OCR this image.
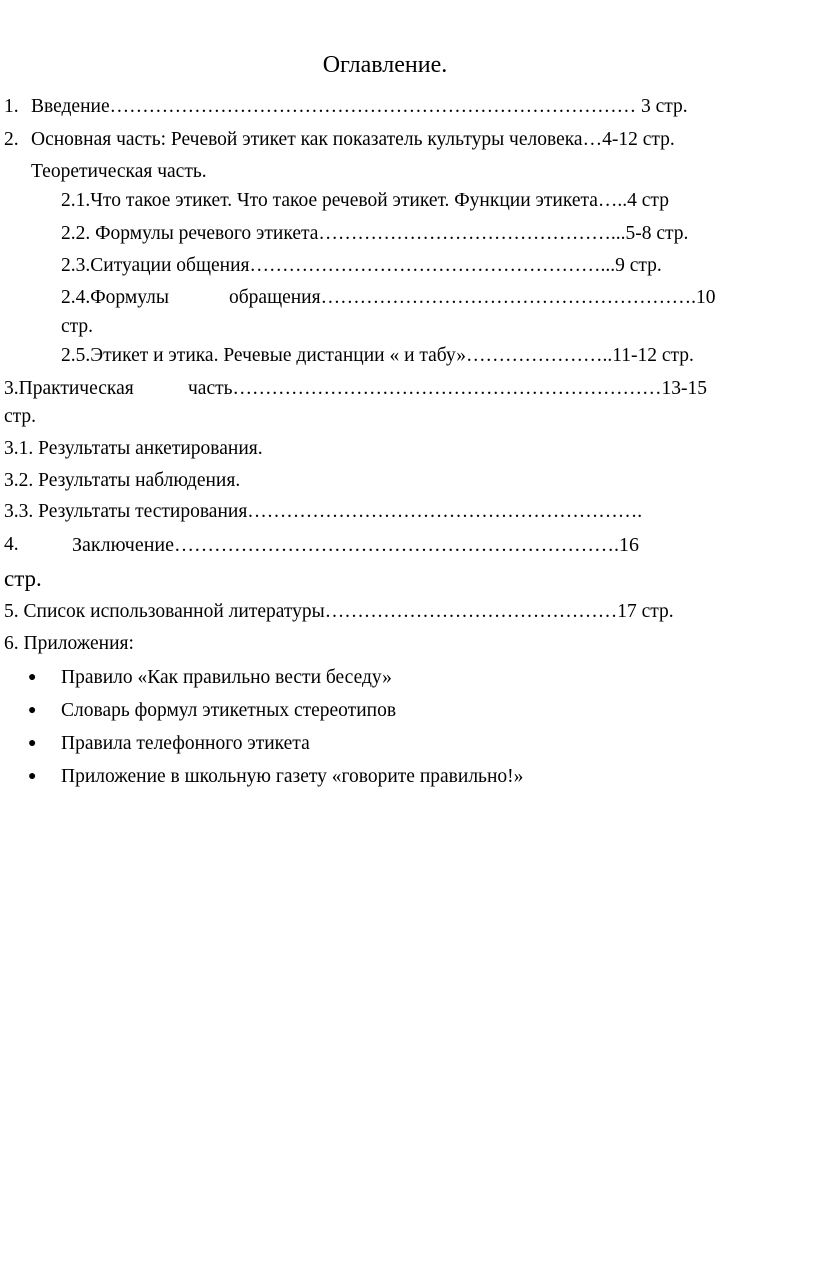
Оглавление.
1. Введение……………………………………………………………………… 3 стр.
2. Основная часть: Речевой этикет как показатель культуры человека…4-12 стр.
Теоретическая часть.
2.1.Что такое этикет. Что такое речевой этикет. Функции этикета…..4 стр
2.2. Формулы речевого этикета………………………………………...5-8 стр.
2.3.Ситуации общения………………………………………………...9 стр.
2.4.Формулы	обращения………………………………………………….10
стр.
2.5.Этикет и этика. Речевые дистанции « и табу»…………………..11-12 стр.
3.Практическая	часть…………………………………………………………13-15
стр.
3.1. Результаты анкетирования.
3.2. Результаты наблюдения.
3.3. Результаты тестирования…………………………………………………….
4.	Заключение………………………………………………………….16
стр.
5. Список использованной литературы………………………………………17 стр.
6. Приложения:
● Правило «Как правильно вести беседу»
● Словарь формул этикетных стереотипов
● Правила телефонного этикета
● Приложение в школьную газету «говорите правильно!»
